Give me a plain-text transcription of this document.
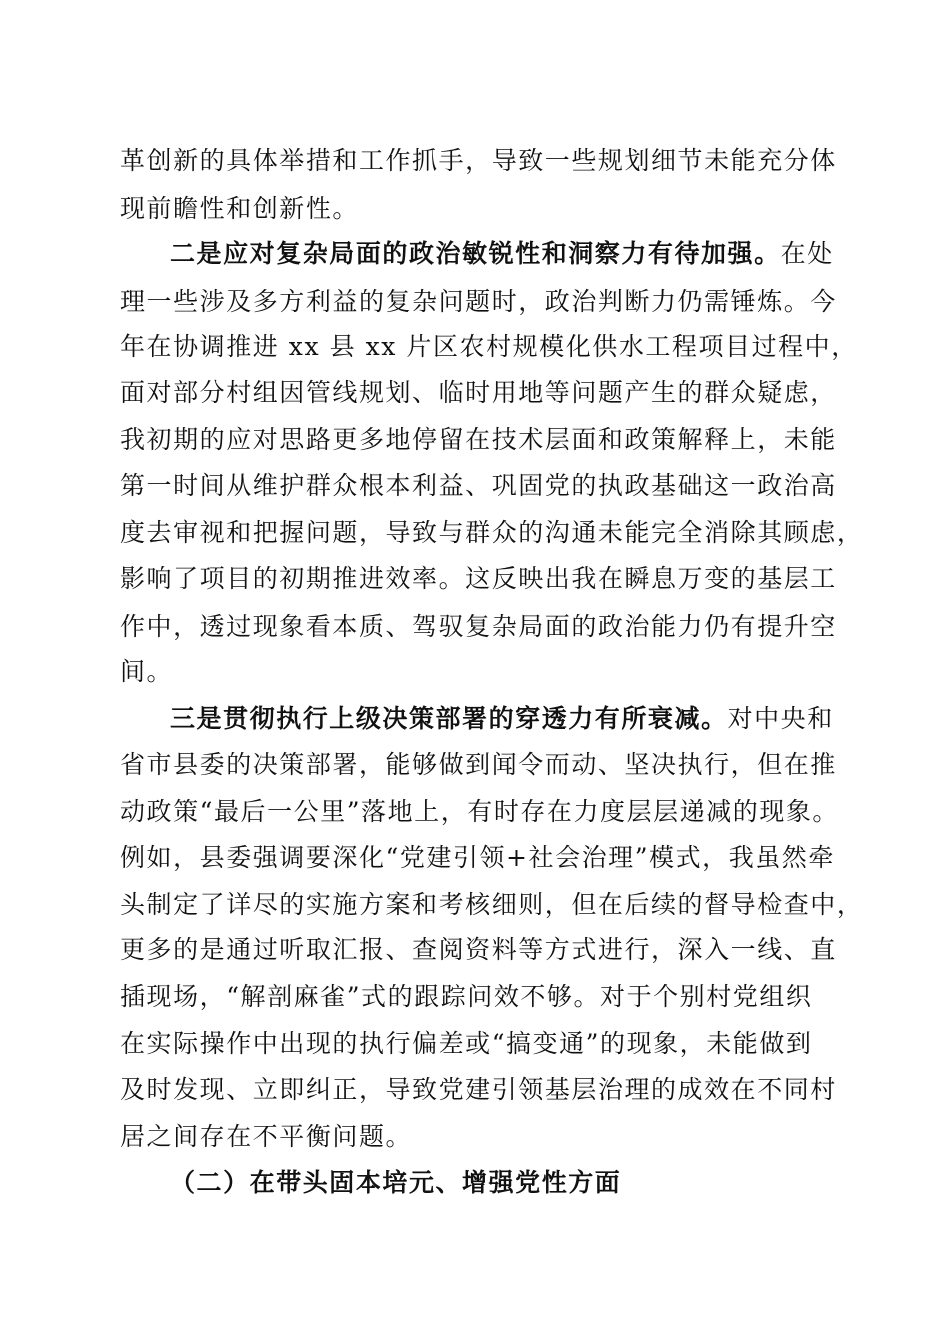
革创新的具体举措和工作抓手，导致一些规划细节未能充分体
现前瞻性和创新性。
二是应对复杂局面的政治敏锐性和洞察力有待加强。在处
理一些涉及多方利益的复杂问题时，政治判断力仍需锤炼。今
年在协调推进 xx 县 xx 片区农村规模化供水工程项目过程中，
面对部分村组因管线规划、临时用地等问题产生的群众疑虑，
我初期的应对思路更多地停留在技术层面和政策解释上，未能
第一时间从维护群众根本利益、巩固党的执政基础这一政治高
度去审视和把握问题，导致与群众的沟通未能完全消除其顾虑，
影响了项目的初期推进效率。这反映出我在瞬息万变的基层工
作中，透过现象看本质、驾驭复杂局面的政治能力仍有提升空
间。
三是贯彻执行上级决策部署的穿透力有所衰减。对中央和
省市县委的决策部署，能够做到闻令而动、坚决执行，但在推
动政策“最后一公里”落地上，有时存在力度层层递减的现象。
例如，县委强调要深化“党建引领+社会治理”模式，我虽然牵
头制定了详尽的实施方案和考核细则，但在后续的督导检查中，
更多的是通过听取汇报、查阅资料等方式进行，深入一线、直
插现场，“解剖麻雀”式的跟踪问效不够。对于个别村党组织
在实际操作中出现的执行偏差或“搞变通”的现象，未能做到
及时发现、立即纠正，导致党建引领基层治理的成效在不同村
居之间存在不平衡问题。
（二）在带头固本培元、增强党性方面
